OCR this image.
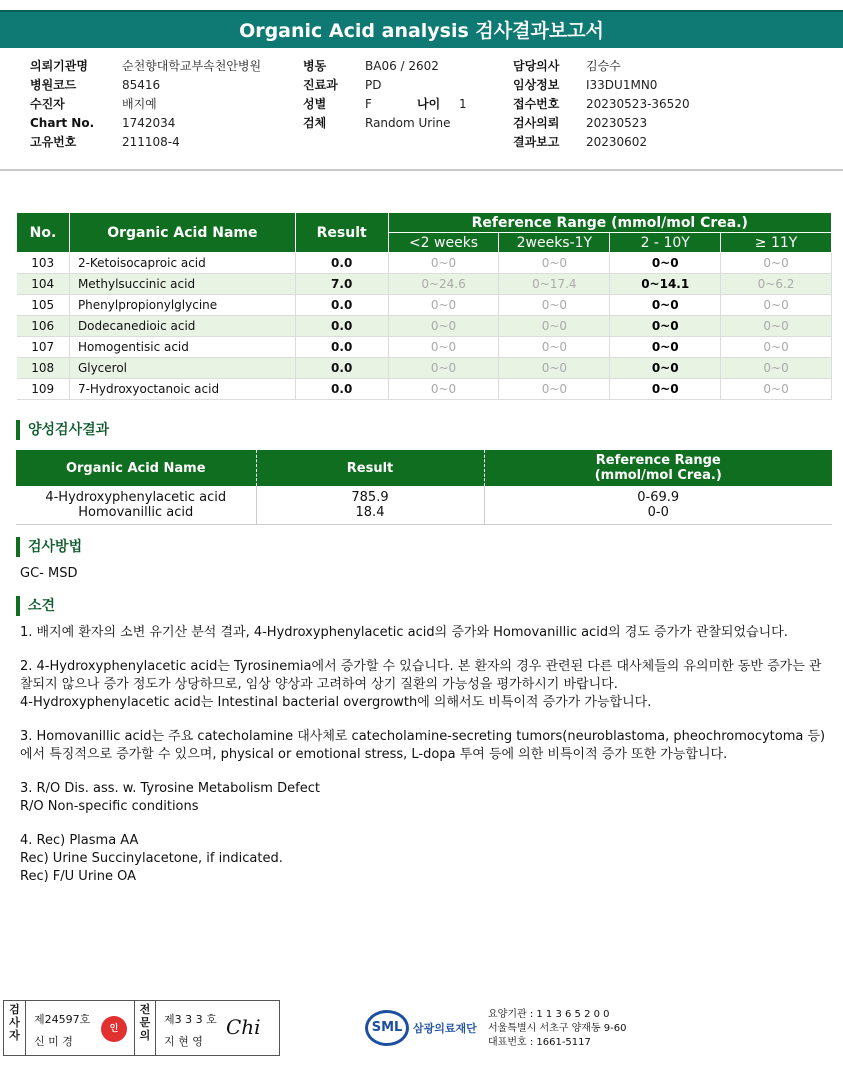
Organic Acid analysis 검사결과보고서
의뢰기관명	순천향대학교부속천안병원
병원코드	85416
수진자	배지예
Chart No.	1742034
고유번호	211108-4
병동	BA06 / 2602
진료과	PD
성별	F	나이	1
검체	Random Urine
담당의사	김승수
임상정보	I33DU1MN0
접수번호	20230523-36520
검사의뢰	20230523
결과보고	20230602
No.	Organic Acid Name	Result	Reference Range (mmol/mol Crea.)			
			<2 weeks	2weeks-1Y	2 - 10Y	≥ 11Y
103	2-Ketoisocaproic acid	0.0	0~0	0~0	0~0	0~0
104	Methylsuccinic acid	7.0	0~24.6	0~17.4	0~14.1	0~6.2
105	Phenylpropionylglycine	0.0	0~0	0~0	0~0	0~0
106	Dodecanedioic acid	0.0	0~0	0~0	0~0	0~0
107	Homogentisic acid	0.0	0~0	0~0	0~0	0~0
108	Glycerol	0.0	0~0	0~0	0~0	0~0
109	7-Hydroxyoctanoic acid	0.0	0~0	0~0	0~0	0~0
양성검사결과
Organic Acid Name	Result	Reference Range
(mmol/mol Crea.)

4-Hydroxyphenylacetic acid	785.9	0-69.9
Homovanillic acid	18.4	0-0
검사방법
GC- MSD
소견

1. 배지예 환자의 소변 유기산 분석 결과, 4-Hydroxyphenylacetic acid의 증가와 Homovanillic acid의 경도 증가가 관찰되었습니다.

2. 4-Hydroxyphenylacetic acid는 Tyrosinemia에서 증가할 수 있습니다. 본 환자의 경우 관련된 다른 대사체들의 유의미한 동반 증가는 관찰되지 않으나 증가 정도가 상당하므로, 임상 양상과 고려하여 상기 질환의 가능성을 평가하시기 바랍니다.
4-Hydroxyphenylacetic acid는 Intestinal bacterial overgrowth에 의해서도 비특이적 증가가 가능합니다.

3. Homovanillic acid는 주요 catecholamine 대사체로 catecholamine-secreting tumors(neuroblastoma, pheochromocytoma 등)에서 특징적으로 증가할 수 있으며, physical or emotional stress, L-dopa 투여 등에 의한 비특이적 증가 또한 가능합니다.

3. R/O Dis. ass. w. Tyrosine Metabolism Defect
R/O Non-specific conditions

4. Rec) Plasma AA
Rec) Urine Succinylacetone, if indicated.
Rec) F/U Urine OA

검사자
제24597호
신 미 경
인
전문의
제3 3 3 호
지 현 영
Chi	SML 삼광의료재단
요양기관 : 1 1 3 6 5 2 0 0
서울특별시 서초구 양재동 9-60
대표번호 : 1661-5117
